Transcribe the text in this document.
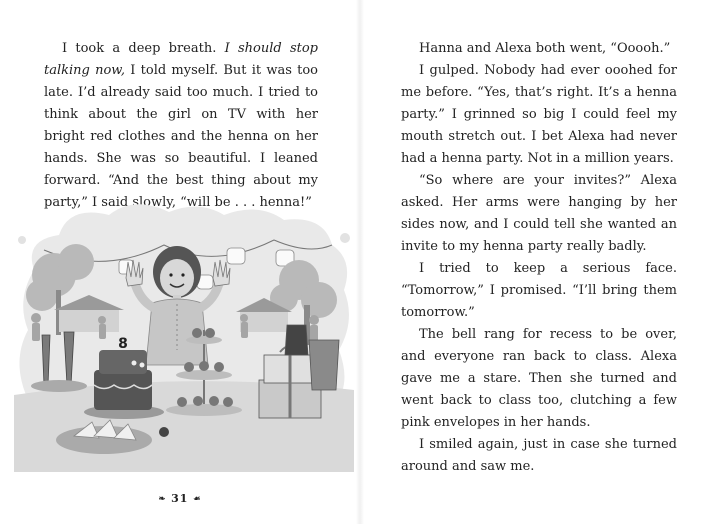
I took a deep breath. I should stop talking now, I told myself. But it was too late. I’d already said too much. I tried to think about the girl on TV with her bright red clothes and the henna on her hands. She was so beautiful. I leaned forward. “And the best thing about my party,” I said slowly, “will be . . . henna!”

8
❧ 31 ☙

Hanna and Alexa both went, “Ooooh.”

I gulped. Nobody had ever ooohed for me before. “Yes, that’s right. It’s a henna party.” I grinned so big I could feel my mouth stretch out. I bet Alexa had never had a henna party. Not in a million years.

“So where are your invites?” Alexa asked. Her arms were hanging by her sides now, and I could tell she wanted an invite to my henna party really badly.

I tried to keep a serious face. “Tomorrow,” I promised. “I’ll bring them tomorrow.”

The bell rang for recess to be over, and everyone ran back to class. Alexa gave me a stare. Then she turned and went back to class too, clutching a few pink envelopes in her hands.

I smiled again, just in case she turned around and saw me.
